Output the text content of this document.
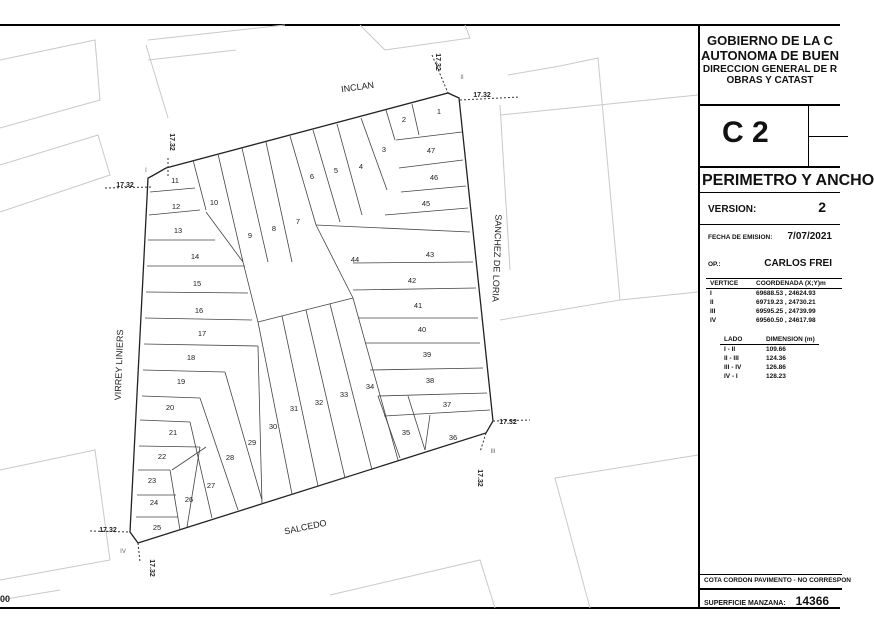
INCLAN
SANCHEZ DE LORIA
SALCEDO
VIRREY LINIERS
17.32
17.32
17.32
17.32
17.32
17.32
17.32
17.32
I
II
III
IV
00
1
2
3
4
5
6
7
8
9
10
11
12
13
14
15
16
17
18
19
20
21
22
23
24
25
26
27
28
29
30
31
32
33
34
35
36
37
38
39
40
41
42
43
44
45
46
47
GOBIERNO DE LA C
AUTONOMA DE BUEN
DIRECCION GENERAL DE R
OBRAS Y CATAST
C 2
PERIMETRO Y ANCHO
VERSION:	2
FECHA DE EMISION: 7/07/2021
OP.:	CARLOS FREI
VERTICE	COORDENADA (X;Y)m
I	69688.53 , 24624.93
II	69719.23 , 24730.21
III	69595.25 , 24739.99
IV	69560.50 , 24617.98
LADO	DIMENSION (m)
I - II	109.66
II - III	124.36
III - IV	126.86
IV - I	128.23
COTA CORDON PAVIMENTO - NO CORRESPON
SUPERFICIE MANZANA: 14366
